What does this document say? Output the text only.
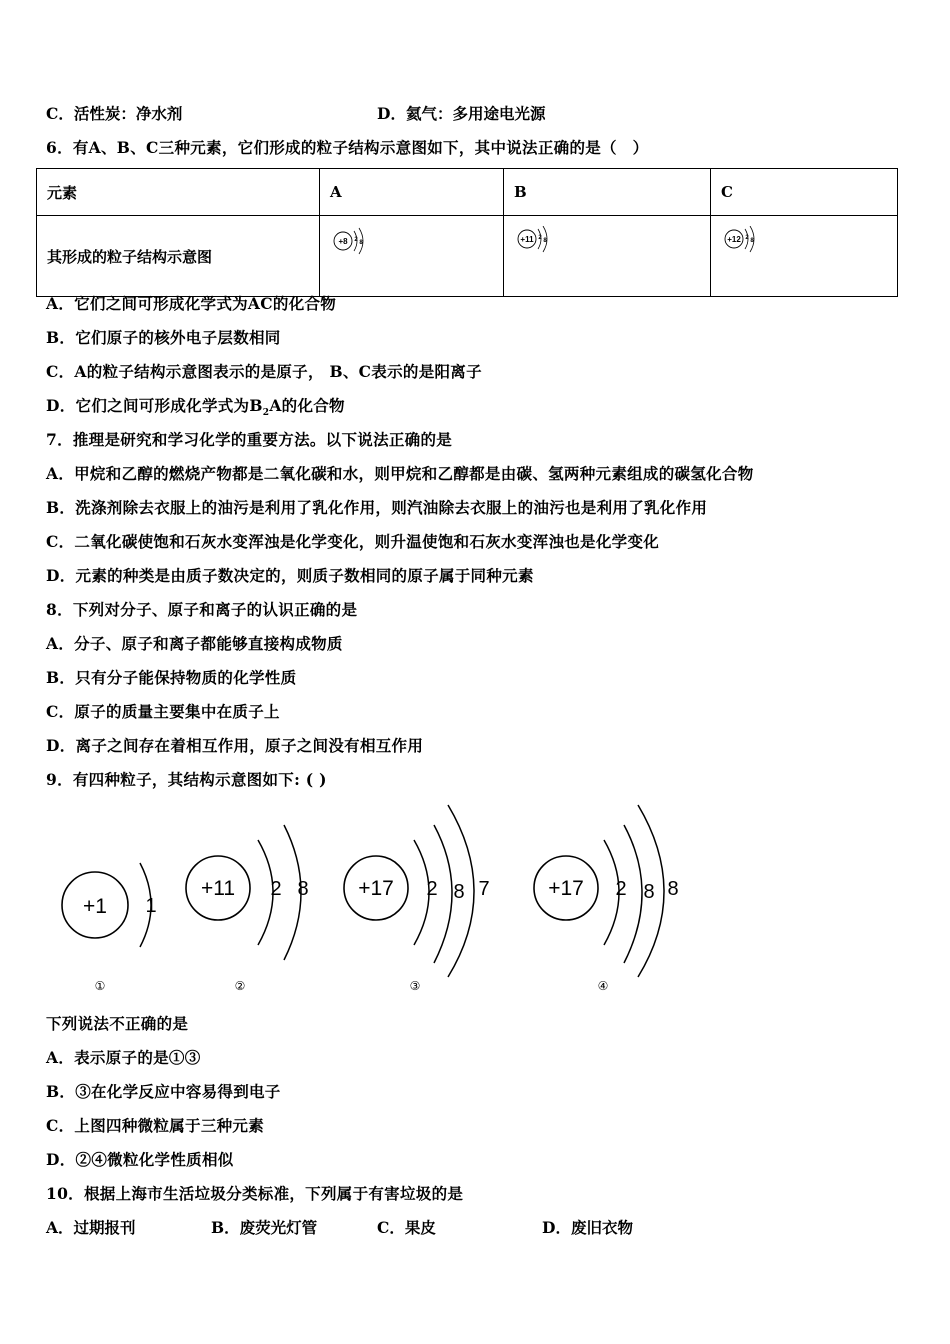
C．活性炭：净水剂	D．氦气：多用途电光源
6．有A、B、C三种元素，它们形成的粒子结构示意图如下，其中说法正确的是（　）
元素	A	B	C
其形成的粒子结构示意图	+8 2 8	+11 2 8	+12 2 8
A．它们之间可形成化学式为AC的化合物
B．它们原子的核外电子层数相同
C．A的粒子结构示意图表示的是原子， B、C表示的是阳离子
D．它们之间可形成化学式为$B_2A$的化合物
7．推理是研究和学习化学的重要方法。以下说法正确的是
A．甲烷和乙醇的燃烧产物都是二氧化碳和水，则甲烷和乙醇都是由碳、氢两种元素组成的碳氢化合物
B．洗涤剂除去衣服上的油污是利用了乳化作用，则汽油除去衣服上的油污也是利用了乳化作用
C．二氧化碳使饱和石灰水变浑浊是化学变化，则升温使饱和石灰水变浑浊也是化学变化
D．元素的种类是由质子数决定的，则质子数相同的原子属于同种元素
8．下列对分子、原子和离子的认识正确的是
A．分子、原子和离子都能够直接构成物质
B．只有分子能保持物质的化学性质
C．原子的质量主要集中在质子上
D．离子之间存在着相互作用，原子之间没有相互作用
9．有四种粒子，其结构示意图如下: ( )
+1 1
①
+11 2 8
②
+17 2 8 7
③
+17 2 8 8
④
下列说法不正确的是
A．表示原子的是①③
B．③在化学反应中容易得到电子
C．上图四种微粒属于三种元素
D．②④微粒化学性质相似
10．根据上海市生活垃圾分类标准，下列属于有害垃圾的是
A．过期报刊	B．废荧光灯管	C．果皮	D．废旧衣物
